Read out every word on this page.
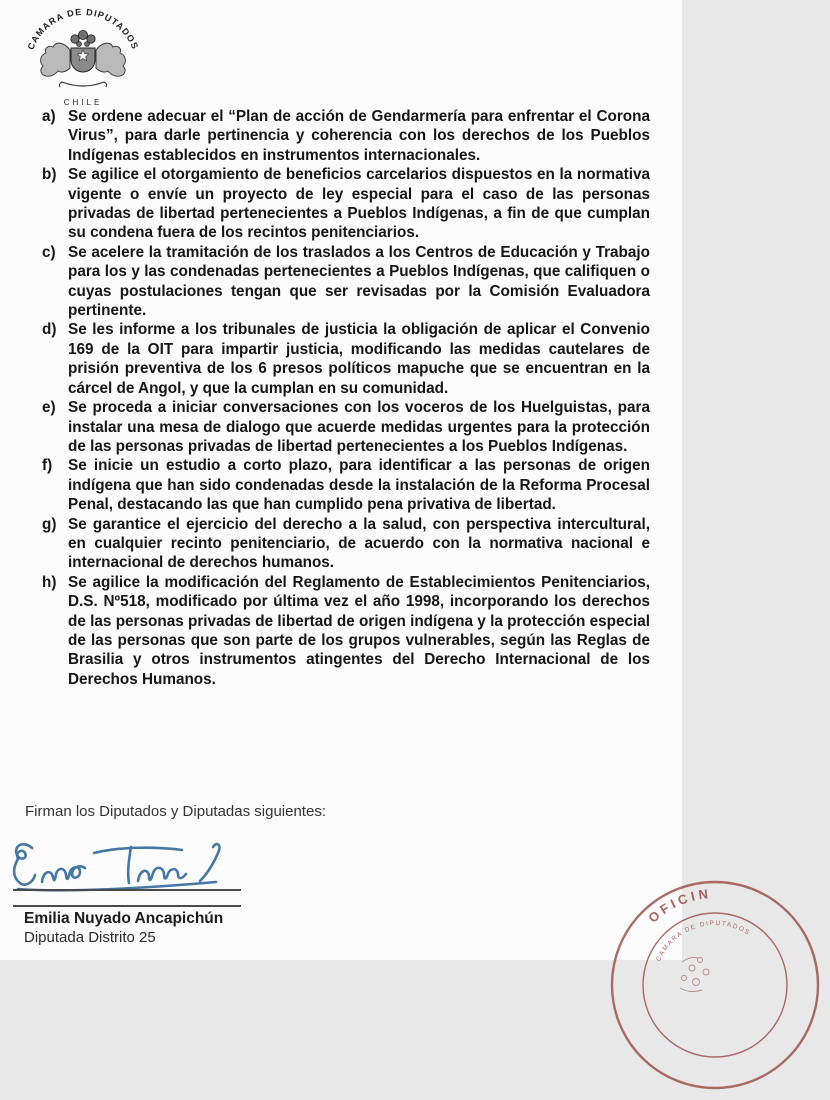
CAMARA DE DIPUTADOS
CHILE
a) Se ordene adecuar el “Plan de acción de Gendarmería para enfrentar el Corona Virus”, para darle pertinencia y coherencia con los derechos de los Pueblos Indígenas establecidos en instrumentos internacionales.
b) Se agilice el otorgamiento de beneficios carcelarios dispuestos en la normativa vigente o envíe un proyecto de ley especial para el caso de las personas privadas de libertad pertenecientes a Pueblos Indígenas, a fin de que cumplan su condena fuera de los recintos penitenciarios.
c) Se acelere la tramitación de los traslados a los Centros de Educación y Trabajo para los y las condenadas pertenecientes a Pueblos Indígenas, que califiquen o cuyas postulaciones tengan que ser revisadas por la Comisión Evaluadora pertinente.
d) Se les informe a los tribunales de justicia la obligación de aplicar el Convenio 169 de la OIT para impartir justicia, modificando las medidas cautelares de prisión preventiva de los 6 presos políticos mapuche que se encuentran en la cárcel de Angol, y que la cumplan en su comunidad.
e) Se proceda a iniciar conversaciones con los voceros de los Huelguistas, para instalar una mesa de dialogo que acuerde medidas urgentes para la protección de las personas privadas de libertad pertenecientes a los Pueblos Indígenas.
f) Se inicie un estudio a corto plazo, para identificar a las personas de origen indígena que han sido condenadas desde la instalación de la Reforma Procesal Penal, destacando las que han cumplido pena privativa de libertad.
g) Se garantice el ejercicio del derecho a la salud, con perspectiva intercultural, en cualquier recinto penitenciario, de acuerdo con la normativa nacional e internacional de derechos humanos.
h) Se agilice la modificación del Reglamento de Establecimientos Penitenciarios, D.S. Nº518, modificado por última vez el año 1998, incorporando los derechos de las personas privadas de libertad de origen indígena y la protección especial de las personas que son parte de los grupos vulnerables, según las Reglas de Brasilia y otros instrumentos atingentes del Derecho Internacional de los Derechos Humanos.
Firman los Diputados y Diputadas siguientes:
Emilia Nuyado Ancapichún
Diputada Distrito 25
OFICIN
CAMARA DE DIPUTADOS
